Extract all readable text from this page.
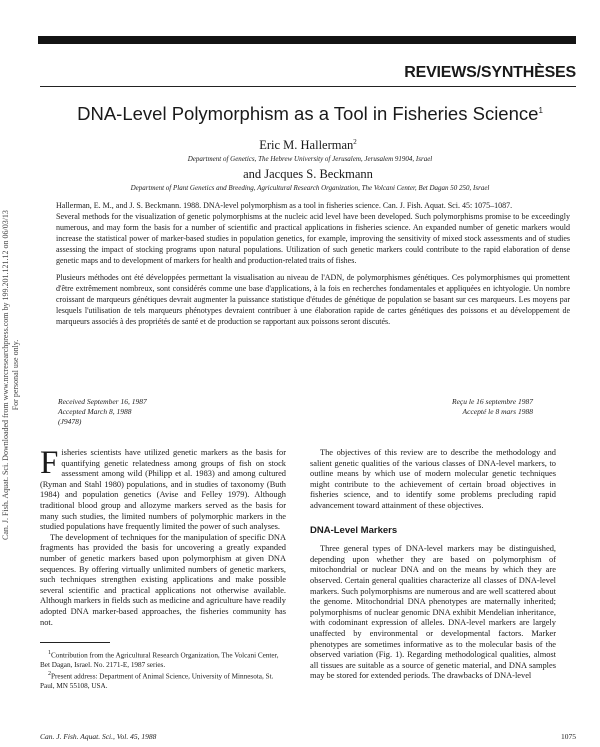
REVIEWS/SYNTHÈSES
DNA-Level Polymorphism as a Tool in Fisheries Science$^1$
Eric M. Hallerman$^2$
Department of Genetics, The Hebrew University of Jerusalem, Jerusalem 91904, Israel
and Jacques S. Beckmann
Department of Plant Genetics and Breeding, Agricultural Research Organization, The Volcani Center, Bet Dagan 50 250, Israel

Hallerman, E. M., and J. S. Beckmann. 1988. DNA-level polymorphism as a tool in fisheries science. Can. J. Fish. Aquat. Sci. 45: 1075–1087.

Several methods for the visualization of genetic polymorphisms at the nucleic acid level have been developed. Such polymorphisms promise to be exceedingly numerous, and may form the basis for a number of scientific and practical applications in fisheries science. An expanded number of genetic markers would increase the statistical power of marker-based studies in population genetics, for example, improving the sensitivity of mixed stock assessments and of studies assessing the impact of stocking programs upon natural populations. Utilization of such genetic markers could contribute to the rapid elaboration of dense genetic maps and to development of markers for health and production-related traits of fishes.

Plusieurs méthodes ont été développées permettant la visualisation au niveau de l'ADN, de polymorphismes génétiques. Ces polymorphismes qui promettent d'être extrêmement nombreux, sont considérés comme une base d'applications, à la fois en recherches fondamentales et appliquées en ichtyologie. Un nombre croissant de marqueurs génétiques devrait augmenter la puissance statistique d'études de génétique de population se basant sur ces marqueurs. Les moyens par lesquels l'utilisation de tels marqueurs phénotypes devraient contribuer à une élaboration rapide de cartes génétiques des poissons et au développement de marqueurs associés à des propriétés de santé et de production se rapportant aux poissons seront discutés.

Received September 16, 1987
Accepted March 8, 1988
(J9478)
Reçu le 16 septembre 1987
Accepté le 8 mars 1988
Can. J. Fish. Aquat. Sci. Downloaded from www.nrcresearchpress.com by 199.201.121.12 on 06/03/13 For personal use only.

Fisheries scientists have utilized genetic markers as the basis for quantifying genetic relatedness among groups of fish on stock assessment among wild (Philipp et al. 1983) and among cultured (Ryman and Stahl 1980) populations, and in studies of taxonomy (Buth 1984) and population genetics (Avise and Felley 1979). Although traditional blood group and allozyme markers served as the basis for many such studies, the limited numbers of polymorphic markers in the studied populations have frequently limited the power of such analyses.

The development of techniques for the manipulation of specific DNA fragments has provided the basis for uncovering a greatly expanded number of genetic markers based upon polymorphism at given DNA sequences. By offering virtually unlimited numbers of genetic markers, such techniques strengthen existing applications and make possible several scientific and practical applications not otherwise available. Although markers in fields such as medicine and agriculture have readily adopted DNA marker-based approaches, the fisheries community has not.

$^1$Contribution from the Agricultural Research Organization, The Volcani Center, Bet Dagan, Israel. No. 2171-E, 1987 series.
$^2$Present address: Department of Animal Science, University of Minnesota, St. Paul, MN 55108, USA.

The objectives of this review are to describe the methodology and salient genetic qualities of the various classes of DNA-level markers, to outline means by which use of modern molecular genetic techniques might contribute to the achievement of certain broad objectives in fisheries science, and to identify some problems precluding rapid advancement toward attainment of these objectives.

DNA-Level Markers

Three general types of DNA-level markers may be distinguished, depending upon whether they are based on polymorphism of mitochondrial or nuclear DNA and on the means by which they are observed. Certain general qualities characterize all classes of DNA-level markers. Such polymorphisms are numerous and are well scattered about the genome. Mitochondrial DNA phenotypes are maternally inherited; polymorphisms of nuclear genomic DNA exhibit Mendelian inheritance, with codominant expression of alleles. DNA-level markers are largely unaffected by environmental or developmental factors. Marker phenotypes are sometimes informative as to the molecular basis of the observed variation (Fig. 1). Regarding methodological qualities, almost all tissues are suitable as a source of genetic material, and DNA samples may be stored for extended periods. The drawbacks of DNA-level

Can. J. Fish. Aquat. Sci., Vol. 45, 1988	1075
